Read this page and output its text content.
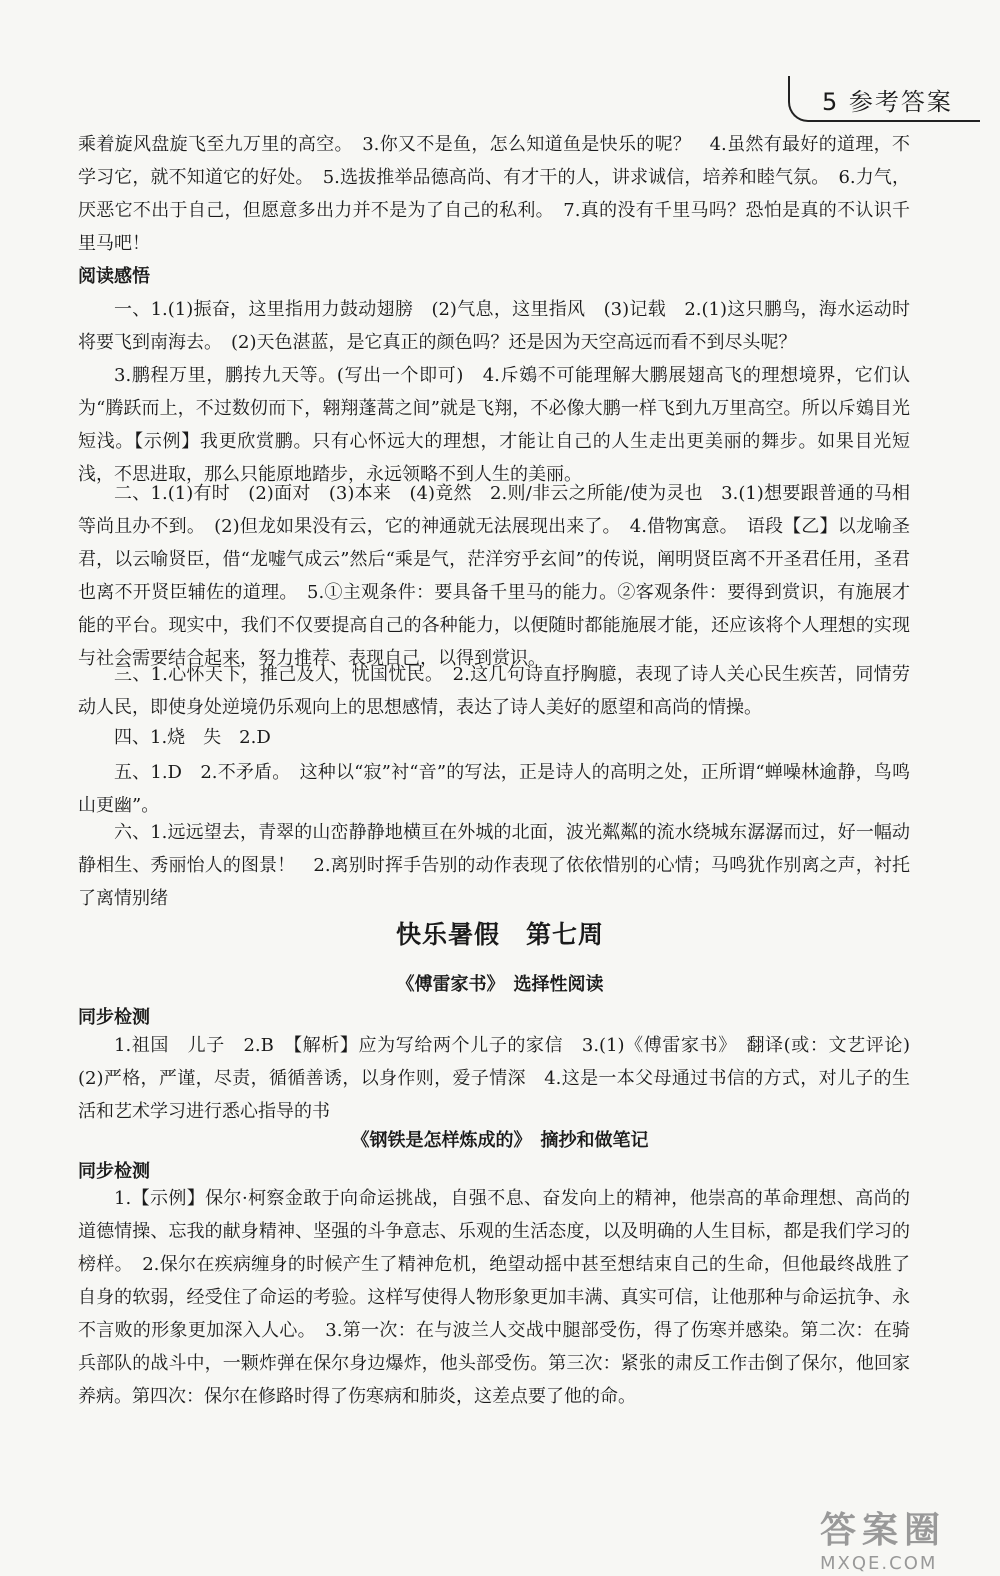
5 参考答案

乘着旋风盘旋飞至九万里的高空。　3.你又不是鱼，怎么知道鱼是快乐的呢？　4.虽然有最好的道理，不学习它，就不知道它的好处。　5.选拔推举品德高尚、有才干的人，讲求诚信，培养和睦气氛。　6.力气，厌恶它不出于自己，但愿意多出力并不是为了自己的私利。　7.真的没有千里马吗？恐怕是真的不认识千里马吧！

阅读感悟

一、1.(1)振奋，这里指用力鼓动翅膀　(2)气息，这里指风　(3)记载　2.(1)这只鹏鸟，海水运动时将要飞到南海去。　(2)天色湛蓝，是它真正的颜色吗？还是因为天空高远而看不到尽头呢？

3.鹏程万里，鹏抟九天等。(写出一个即可)　4.斥鴳不可能理解大鹏展翅高飞的理想境界，它们认为“腾跃而上，不过数仞而下，翱翔蓬蒿之间”就是飞翔，不必像大鹏一样飞到九万里高空。所以斥鴳目光短浅。【示例】我更欣赏鹏。只有心怀远大的理想，才能让自己的人生走出更美丽的舞步。如果目光短浅，不思进取，那么只能原地踏步，永远领略不到人生的美丽。

二、1.(1)有时　(2)面对　(3)本来　(4)竟然　2.则/非云之所能/使为灵也　3.(1)想要跟普通的马相等尚且办不到。　(2)但龙如果没有云，它的神通就无法展现出来了。　4.借物寓意。　语段【乙】以龙喻圣君，以云喻贤臣，借“龙嘘气成云”然后“乘是气，茫洋穷乎玄间”的传说，阐明贤臣离不开圣君任用，圣君也离不开贤臣辅佐的道理。　5.①主观条件：要具备千里马的能力。②客观条件：要得到赏识，有施展才能的平台。现实中，我们不仅要提高自己的各种能力，以便随时都能施展才能，还应该将个人理想的实现与社会需要结合起来，努力推荐、表现自己，以得到赏识。

三、1.心怀天下，推己及人，忧国忧民。　2.这几句诗直抒胸臆，表现了诗人关心民生疾苦，同情劳动人民，即使身处逆境仍乐观向上的思想感情，表达了诗人美好的愿望和高尚的情操。

四、1.烧　失　2.D

五、1.D　2.不矛盾。　这种以“寂”衬“音”的写法，正是诗人的高明之处，正所谓“蝉噪林逾静，鸟鸣山更幽”。

六、1.远远望去，青翠的山峦静静地横亘在外城的北面，波光粼粼的流水绕城东潺潺而过，好一幅动静相生、秀丽怡人的图景！　2.离别时挥手告别的动作表现了依依惜别的心情；马鸣犹作别离之声，衬托了离情别绪

快乐暑假　第七周
《傅雷家书》　选择性阅读
同步检测

1.祖国　儿子　2.B　【解析】应为写给两个儿子的家信　3.(1)《傅雷家书》　翻译(或：文艺评论)　(2)严格，严谨，尽责，循循善诱，以身作则，爱子情深　4.这是一本父母通过书信的方式，对儿子的生活和艺术学习进行悉心指导的书

《钢铁是怎样炼成的》　摘抄和做笔记
同步检测

1.【示例】保尔·柯察金敢于向命运挑战，自强不息、奋发向上的精神，他崇高的革命理想、高尚的道德情操、忘我的献身精神、坚强的斗争意志、乐观的生活态度，以及明确的人生目标，都是我们学习的榜样。　2.保尔在疾病缠身的时候产生了精神危机，绝望动摇中甚至想结束自己的生命，但他最终战胜了自身的软弱，经受住了命运的考验。这样写使得人物形象更加丰满、真实可信，让他那种与命运抗争、永不言败的形象更加深入人心。　3.第一次：在与波兰人交战中腿部受伤，得了伤寒并感染。第二次：在骑兵部队的战斗中，一颗炸弹在保尔身边爆炸，他头部受伤。第三次：紧张的肃反工作击倒了保尔，他回家养病。第四次：保尔在修路时得了伤寒病和肺炎，这差点要了他的命。

答案圈
MXQE.COM
